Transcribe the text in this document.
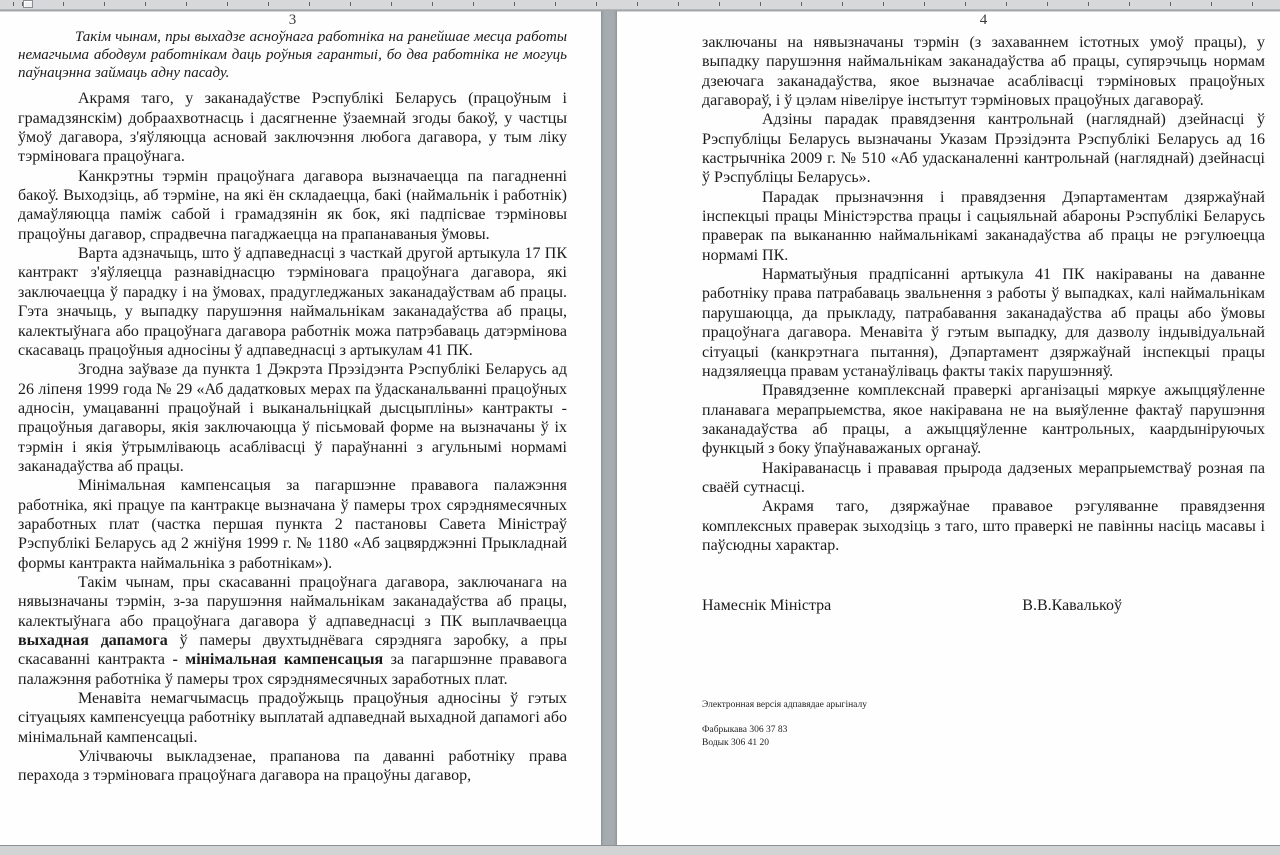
3

Такім чынам, пры выхадзе асноўнага работніка на ранейшае месца работы немагчыма абодвум работнікам даць роўныя гарантыі, бо два работніка не могуць паўнацэнна займаць адну пасаду.

Акрамя таго, у заканадаўстве Рэспублікі Беларусь (працоўным і грамадзянскім) добраахвотнасць і дасягненне ўзаемнай згоды бакоў, у частцы ўмоў дагавора, з'яўляюцца асновай заключэння любога дагавора, у тым ліку тэрміновага працоўнага.

Канкрэтны тэрмін працоўнага дагавора вызначаецца па пагадненні бакоў. Выходзіць, аб тэрміне, на які ён складаецца, бакі (наймальнік і работнік) дамаўляюцца паміж сабой і грамадзянін як бок, які падпісвае тэрміновы працоўны дагавор, спрадвечна пагаджаецца на прапанаваныя ўмовы.

Варта адзначыць, што ў адпаведнасці з часткай другой артыкула 17 ПК кантракт з'яўляецца разнавіднасцю тэрміновага працоўнага дагавора, які заключаецца ў парадку і на ўмовах, прадугледжаных заканадаўствам аб працы. Гэта значыць, у выпадку парушэння наймальнікам заканадаўства аб працы, калектыўнага або працоўнага дагавора работнік можа патрэбаваць датэрмінова скасаваць працоўныя адносіны ў адпаведнасці з артыкулам 41 ПК.

Згодна заўвазе да пункта 1 Дэкрэта Прэзідэнта Рэспублікі Беларусь ад 26 ліпеня 1999 года № 29 «Аб дадатковых мерах па ўдасканальванні працоўных адносін, умацаванні працоўнай і выканальніцкай дысцыпліны» кантракты - працоўныя дагаворы, якія заключаюцца ў пісьмовай форме на вызначаны ў іх тэрмін і якія ўтрымліваюць асаблівасці ў параўнанні з агульнымі нормамі заканадаўства аб працы.

Мінімальная кампенсацыя за пагаршэнне прававога палажэння работніка, які працуе па кантракце вызначана ў памеры трох сярэднямесячных заработных плат (частка першая пункта 2 пастановы Савета Міністраў Рэспублікі Беларусь ад 2 жніўня 1999 г. № 1180 «Аб зацвярджэнні Прыкладнай формы кантракта наймальніка з работнікам»).

Такім чынам, пры скасаванні працоўнага дагавора, заключанага на нявызначаны тэрмін, з-за парушэння наймальнікам заканадаўства аб працы, калектыўнага або працоўнага дагавора ў адпаведнасці з ПК выплачваецца выхадная дапамога ў памеры двухтыднёвага сярэдняга заробку, а пры скасаванні кантракта - мінімальная кампенсацыя за пагаршэнне прававога палажэння работніка ў памеры трох сярэднямесячных заработных плат.

Менавіта немагчымасць прадоўжыць працоўныя адносіны ў гэтых сітуацыях кампенсуецца работніку выплатай адпаведнай выхадной дапамогі або мінімальнай кампенсацыі.

Улічваючы выкладзенае, прапанова па даванні работніку права перахода з тэрміновага працоўнага дагавора на працоўны дагавор,

4

заключаны на нявызначаны тэрмін (з захаваннем істотных умоў працы), у выпадку парушэння наймальнікам заканадаўства аб працы, супярэчыць нормам дзеючага заканадаўства, якое вызначае асаблівасці тэрміновых працоўных дагавораў, і ў цэлам нівеліруе інстытут тэрміновых працоўных дагавораў.

Адзіны парадак правядзення кантрольнай (нагляднай) дзейнасці ў Рэспубліцы Беларусь вызначаны Указам Прэзідэнта Рэспублікі Беларусь ад 16 кастрычніка 2009 г. № 510 «Аб удасканаленні кантрольнай (нагляднай) дзейнасці ў Рэспубліцы Беларусь».

Парадак прызначэння і правядзення Дэпартаментам дзяржаўнай інспекцыі працы Міністэрства працы і сацыяльнай абароны Рэспублікі Беларусь праверак па выкананню наймальнікамі заканадаўства аб працы не рэгулюецца нормамі ПК.

Нарматыўныя прадпісанні артыкула 41 ПК накіраваны на даванне работніку права патрабаваць звальнення з работы ў выпадках, калі наймальнікам парушаюцца, да прыкладу, патрабавання заканадаўства аб працы або ўмовы працоўнага дагавора. Менавіта ў гэтым выпадку, для дазволу індывідуальнай сітуацыі (канкрэтнага пытання), Дэпартамент дзяржаўнай інспекцыі працы надзяляецца правам устанаўліваць факты такіх парушэнняў.

Правядзенне комплекснай праверкі арганізацыі мяркуе ажыццяўленне планавага мерапрыемства, якое накіравана не на выяўленне фактаў парушэння заканадаўства аб працы, а ажыццяўленне кантрольных, каардыніруючых функцый з боку ўпаўнаважаных органаў.

Накіраванасць і прававая прырода дадзеных мерапрыемстваў розная па сваёй сутнасці.

Акрамя таго, дзяржаўнае прававое рэгуляванне правядзення комплексных праверак зыходзіць з таго, што праверкі не павінны насіць масавы і паўсюдны характар.

Намеснік Міністра	В.В.Кавалькоў
Электронная версія адпавядае арыгіналу
Фабрыкава 306 37 83
Водык 306 41 20
